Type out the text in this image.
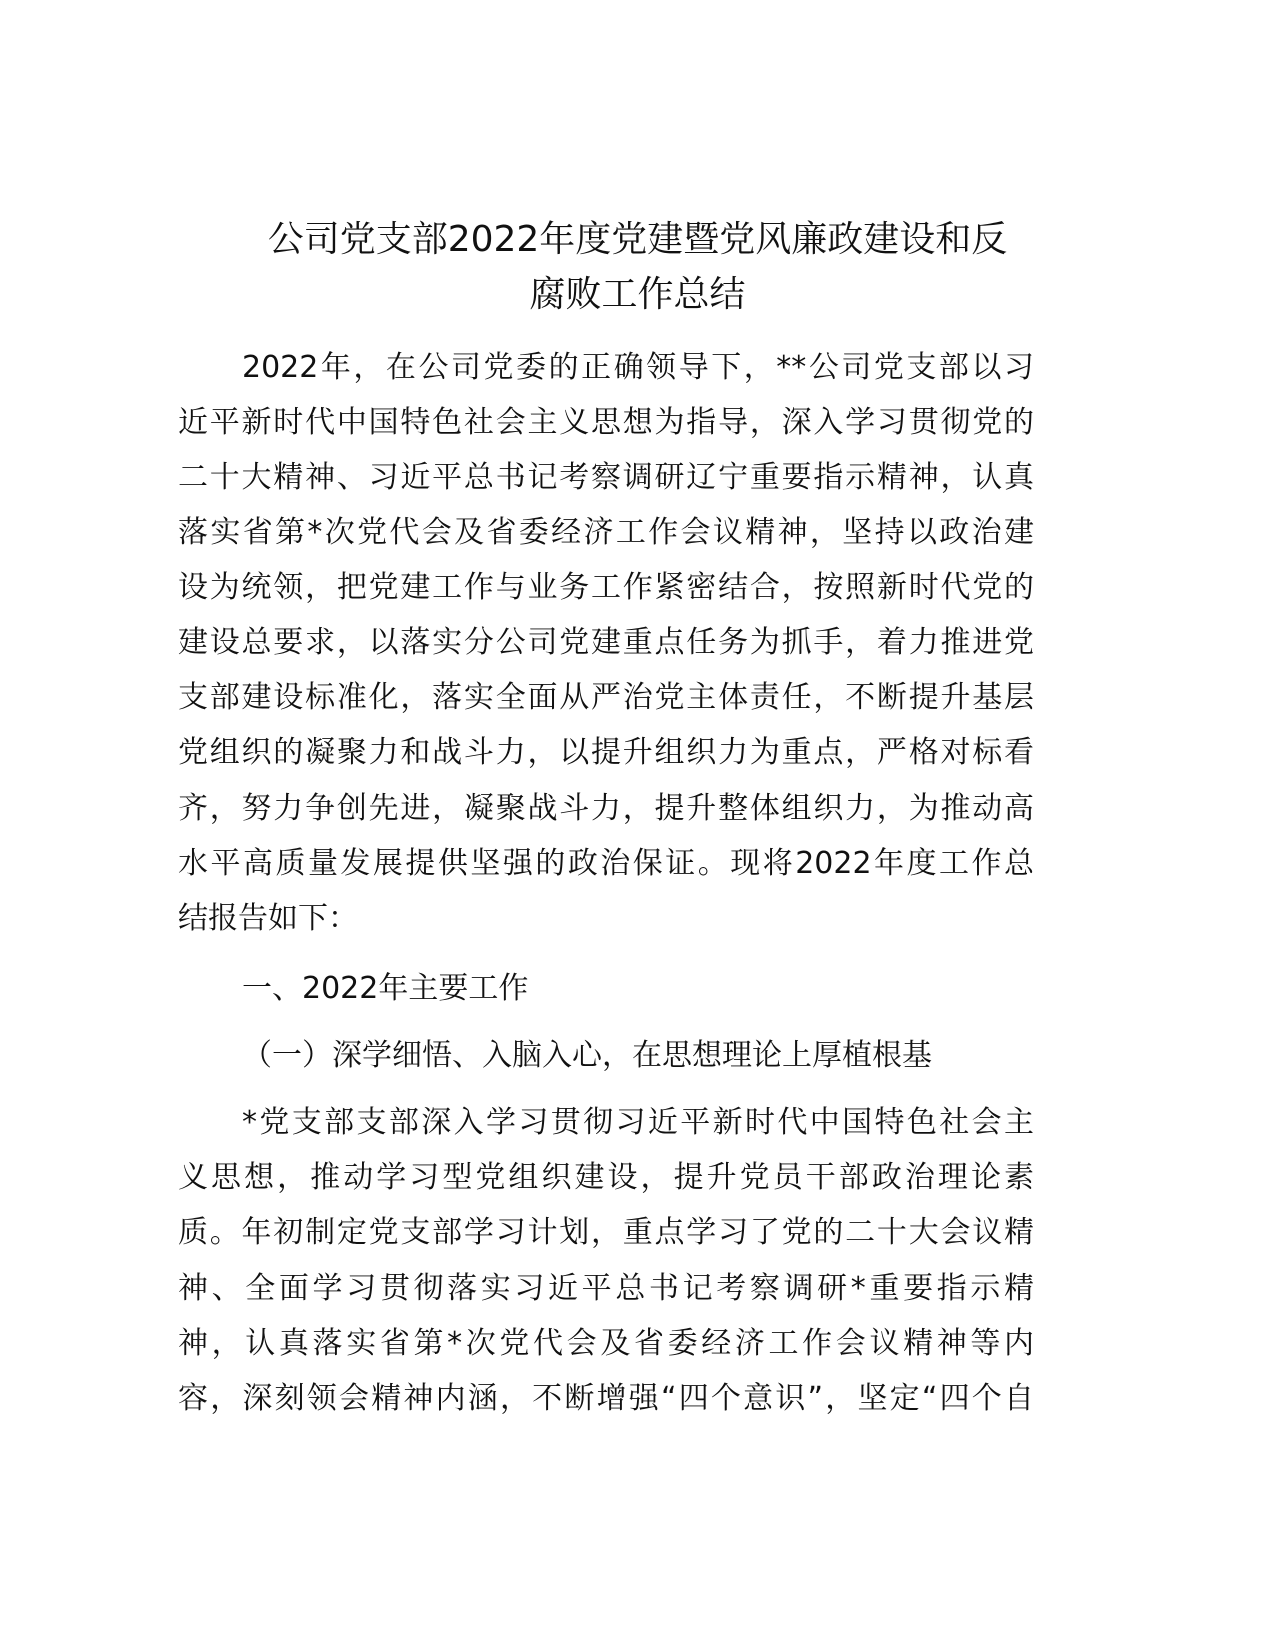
公司党支部2022年度党建暨党风廉政建设和反
腐败工作总结
2022年，在公司党委的正确领导下，**公司党支部以习
近平新时代中国特色社会主义思想为指导，深入学习贯彻党的
二十大精神、习近平总书记考察调研辽宁重要指示精神，认真
落实省第*次党代会及省委经济工作会议精神，坚持以政治建
设为统领，把党建工作与业务工作紧密结合，按照新时代党的
建设总要求，以落实分公司党建重点任务为抓手，着力推进党
支部建设标准化，落实全面从严治党主体责任，不断提升基层
党组织的凝聚力和战斗力，以提升组织力为重点，严格对标看
齐，努力争创先进，凝聚战斗力，提升整体组织力，为推动高
水平高质量发展提供坚强的政治保证。现将2022年度工作总
结报告如下：
一、2022年主要工作
（一）深学细悟、入脑入心，在思想理论上厚植根基
*党支部支部深入学习贯彻习近平新时代中国特色社会主
义思想，推动学习型党组织建设，提升党员干部政治理论素
质。年初制定党支部学习计划，重点学习了党的二十大会议精
神、全面学习贯彻落实习近平总书记考察调研*重要指示精
神，认真落实省第*次党代会及省委经济工作会议精神等内
容，深刻领会精神内涵，不断增强“四个意识”，坚定“四个自
